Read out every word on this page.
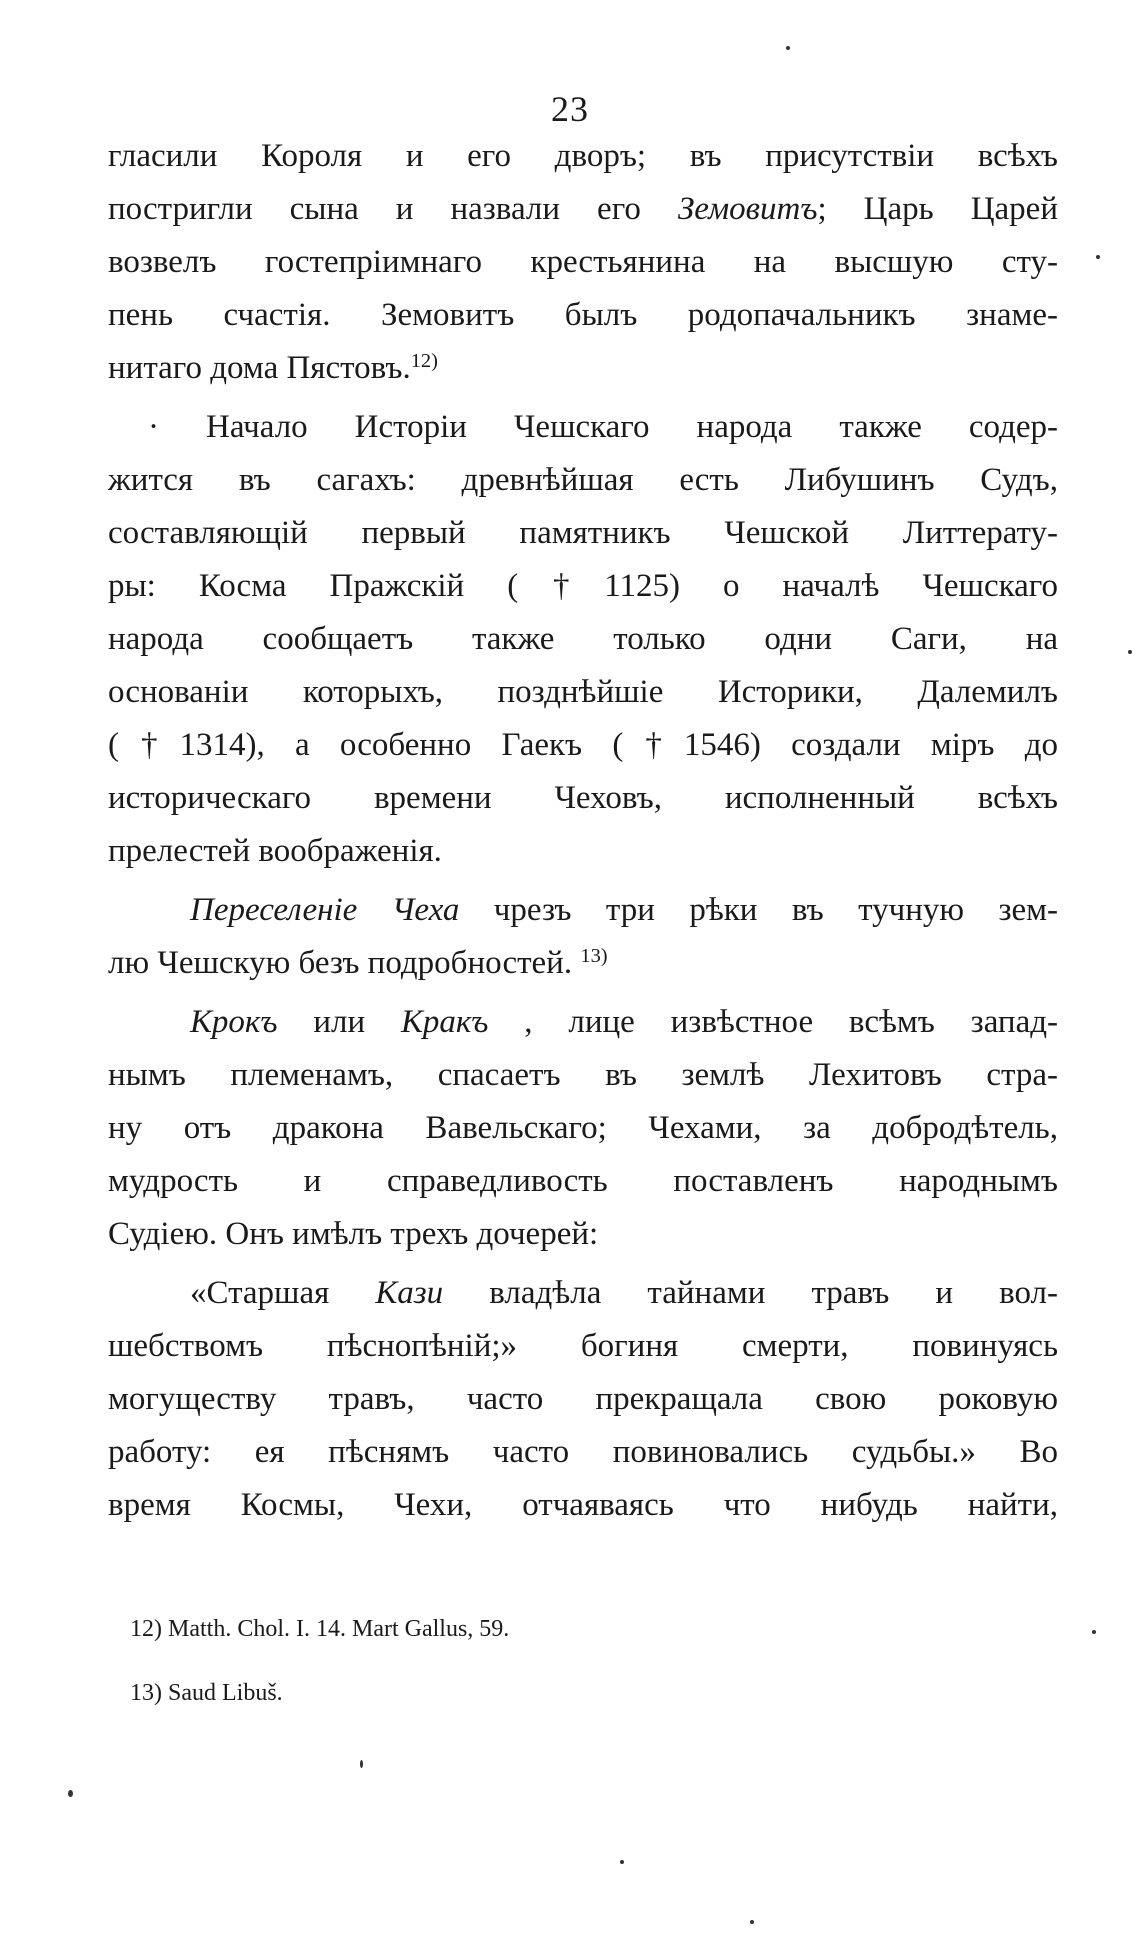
23
гласили Короля и его дворъ; въ присутствіи всѣхъ
постригли сына и назвали его Земовитъ; Царь Царей
возвелъ гостепріимнаго крестьянина на высшую сту-
пень счастія. Земовитъ былъ родопачальникъ знаме-
нитаго дома Пястовъ.$^{12)}$
· Начало Исторіи Чешскаго народа также содер-
жится въ сагахъ: древнѣйшая есть Либушинъ Судъ,
составляющій первый памятникъ Чешской Литтерату-
ры: Косма Пражскій (†1125) о началѣ Чешскаго
народа сообщаетъ также только одни Саги, на
основаніи которыхъ, позднѣйшіе Историки, Далемилъ
(†1314), а особенно Гаекъ (†1546) создали міръ до
историческаго времени Чеховъ, исполненный всѣхъ
прелестей воображенія.
Переселеніе Чеха чрезъ три рѣки въ тучную зем-
лю Чешскую безъ подробностей. $^{13)}$
Крокъ или Кракъ , лице извѣстное всѣмъ запад-
нымъ племенамъ, спасаетъ въ землѣ Лехитовъ стра-
ну отъ дракона Вавельскаго; Чехами, за добродѣтель,
мудрость и справедливость поставленъ народнымъ
Судіею. Онъ имѣлъ трехъ дочерей:
«Старшая Кази владѣла тайнами травъ и вол-
шебствомъ пѣснопѣній;» богиня смерти, повинуясь
могуществу травъ, часто прекращала свою роковую
работу: ея пѣснямъ часто повиновались судьбы.» Во
время Космы, Чехи, отчаяваясь что нибудь найти,
12) Matth. Chol. I. 14. Mart Gallus, 59.
13) Saud Libuš.
